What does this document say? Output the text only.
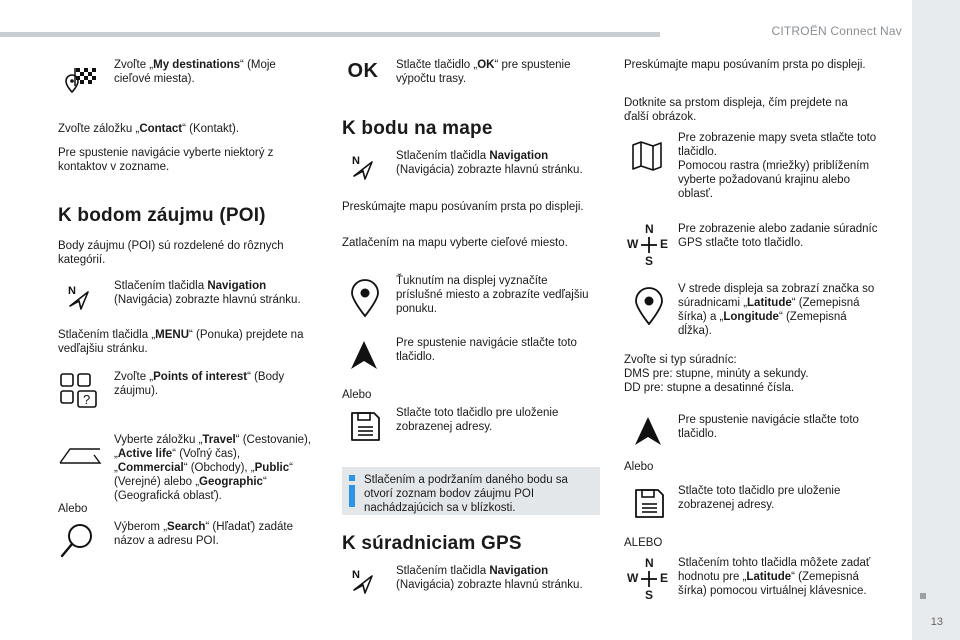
CITROËN Connect Nav
13
Zvoľte „My destinations“ (Moje cieľové miesta).
Zvoľte záložku „Contact“ (Kontakt).
Pre spustenie navigácie vyberte niektorý z kontaktov v zozname.
K bodom záujmu (POI)
Body záujmu (POI) sú rozdelené do rôznych kategórií.
N	Stlačením tlačidla Navigation (Navigácia) zobrazte hlavnú stránku.
Stlačením tlačidla „MENU“ (Ponuka) prejdete na vedľajšiu stránku.
?
Zvoľte „Points of interest“ (Body záujmu).
Vyberte záložku „Travel“ (Cestovanie), „Active life“ (Voľný čas), „Commercial“ (Obchody), „Public“ (Verejné) alebo „Geographic“ (Geografická oblasť).
Alebo
Výberom „Search“ (Hľadať) zadáte názov a adresu POI.
OK	Stlačte tlačidlo „OK“ pre spustenie výpočtu trasy.
K bodu na mape
N	Stlačením tlačidla Navigation (Navigácia) zobrazte hlavnú stránku.
Preskúmajte mapu posúvaním prsta po displeji.
Zatlačením na mapu vyberte cieľové miesto.
Ťuknutím na displej vyznačíte príslušné miesto a zobrazíte vedľajšiu ponuku.
Pre spustenie navigácie stlačte toto tlačidlo.
Alebo
Stlačte toto tlačidlo pre uloženie zobrazenej adresy.
Stlačením a podržaním daného bodu sa otvorí zoznam bodov záujmu POI nachádzajúcich sa v blízkosti.
K súradniciam GPS
N	Stlačením tlačidla Navigation (Navigácia) zobrazte hlavnú stránku.
Preskúmajte mapu posúvaním prsta po displeji.
Dotknite sa prstom displeja, čím prejdete na ďalší obrázok.
Pre zobrazenie mapy sveta stlačte toto tlačidlo.
Pomocou rastra (mriežky) priblížením vyberte požadovanú krajinu alebo oblasť.
N
W E
S
Pre zobrazenie alebo zadanie súradníc GPS stlačte toto tlačidlo.
V strede displeja sa zobrazí značka so súradnicami „Latitude“ (Zemepisná šírka) a „Longitude“ (Zemepisná dĺžka).
Zvoľte si typ súradníc:
DMS pre: stupne, minúty a sekundy.
DD pre: stupne a desatinné čísla.
Pre spustenie navigácie stlačte toto tlačidlo.
Alebo
Stlačte toto tlačidlo pre uloženie zobrazenej adresy.
ALEBO
N
W E
S
Stlačením tohto tlačidla môžete zadať hodnotu pre „Latitude“ (Zemepisná šírka) pomocou virtuálnej klávesnice.
